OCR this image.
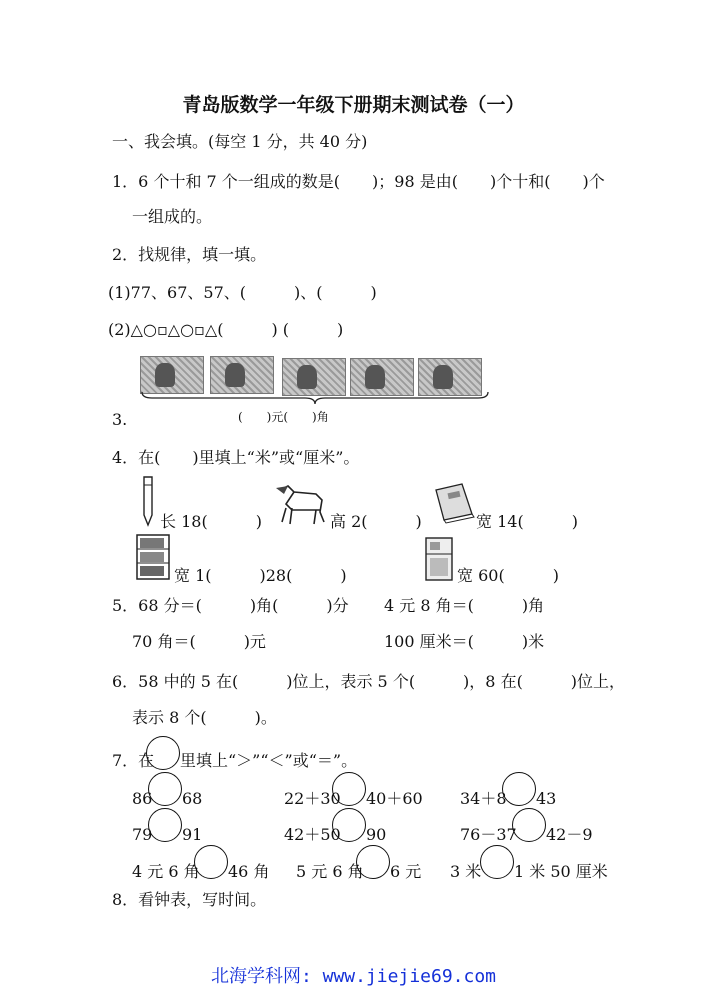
青岛版数学一年级下册期末测试卷（一）
一、我会填。(每空 1 分，共 40 分)
1．6 个十和 7 个一组成的数是(　　)；98 是由(　　)个十和(　　)个
一组成的。
2．找规律，填一填。
(1)77、67、57、(　　　)、(　　　)
(2)△○▫△○▫△(　　　) (　　　)
3.	(　　)元(　　)角
4．在(　　)里填上“米”或“厘米”。
长 18(　　　)	高 2(　　　)	宽 14(　　　)
宽 1(　　　)28(　　　)	宽 60(　　　)
5．68 分＝(　　　)角(　　　)分 4 元 8 角＝(　　　)角
70 角＝(　　　)元	100 厘米＝(　　　)米
6．58 中的 5 在(　　　)位上，表示 5 个(　　　)，8 在(　　　)位上，
表示 8 个(　　　)。
7．在 里填上“＞”“＜”或“＝”。
86 68	22＋30 40＋60 34＋8 43
79 91	42＋50 90	76－37 42－9
4 元 6 角 46 角 5 元 6 角 6 元 3 米 1 米 50 厘米
8．看钟表，写时间。
北海学科网: www.jiejie69.com
